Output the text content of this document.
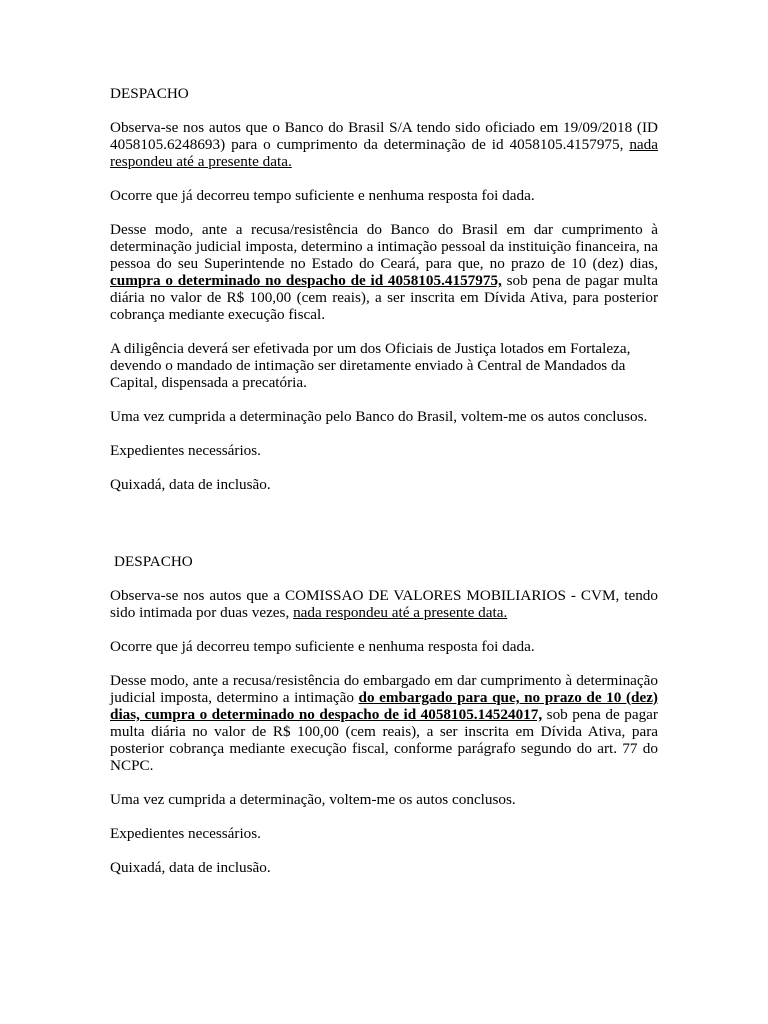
DESPACHO

Observa-se nos autos que o Banco do Brasil S/A tendo sido oficiado em 19/09/2018 (ID 4058105.6248693) para o cumprimento da determinação de id 4058105.4157975, nada respondeu até a presente data.

Ocorre que já decorreu tempo suficiente e nenhuma resposta foi dada.

Desse modo, ante a recusa/resistência do Banco do Brasil em dar cumprimento à determinação judicial imposta, determino a intimação pessoal da instituição financeira, na pessoa do seu Superintende no Estado do Ceará, para que, no prazo de 10 (dez) dias, cumpra o determinado no despacho de id 4058105.4157975, sob pena de pagar multa diária no valor de R$ 100,00 (cem reais), a ser inscrita em Dívida Ativa, para posterior cobrança mediante execução fiscal.

A diligência deverá ser efetivada por um dos Oficiais de Justiça lotados em Fortaleza, devendo o mandado de intimação ser diretamente enviado à Central de Mandados da Capital, dispensada a precatória.

Uma vez cumprida a determinação pelo Banco do Brasil, voltem-me os autos conclusos.

Expedientes necessários.

Quixadá, data de inclusão.

DESPACHO

Observa-se nos autos que a COMISSAO DE VALORES MOBILIARIOS - CVM, tendo sido intimada por duas vezes, nada respondeu até a presente data.

Ocorre que já decorreu tempo suficiente e nenhuma resposta foi dada.

Desse modo, ante a recusa/resistência do embargado em dar cumprimento à determinação judicial imposta, determino a intimação do embargado para que, no prazo de 10 (dez) dias, cumpra o determinado no despacho de id 4058105.14524017, sob pena de pagar multa diária no valor de R$ 100,00 (cem reais), a ser inscrita em Dívida Ativa, para posterior cobrança mediante execução fiscal, conforme parágrafo segundo do art. 77 do NCPC.

Uma vez cumprida a determinação, voltem-me os autos conclusos.

Expedientes necessários.

Quixadá, data de inclusão.
